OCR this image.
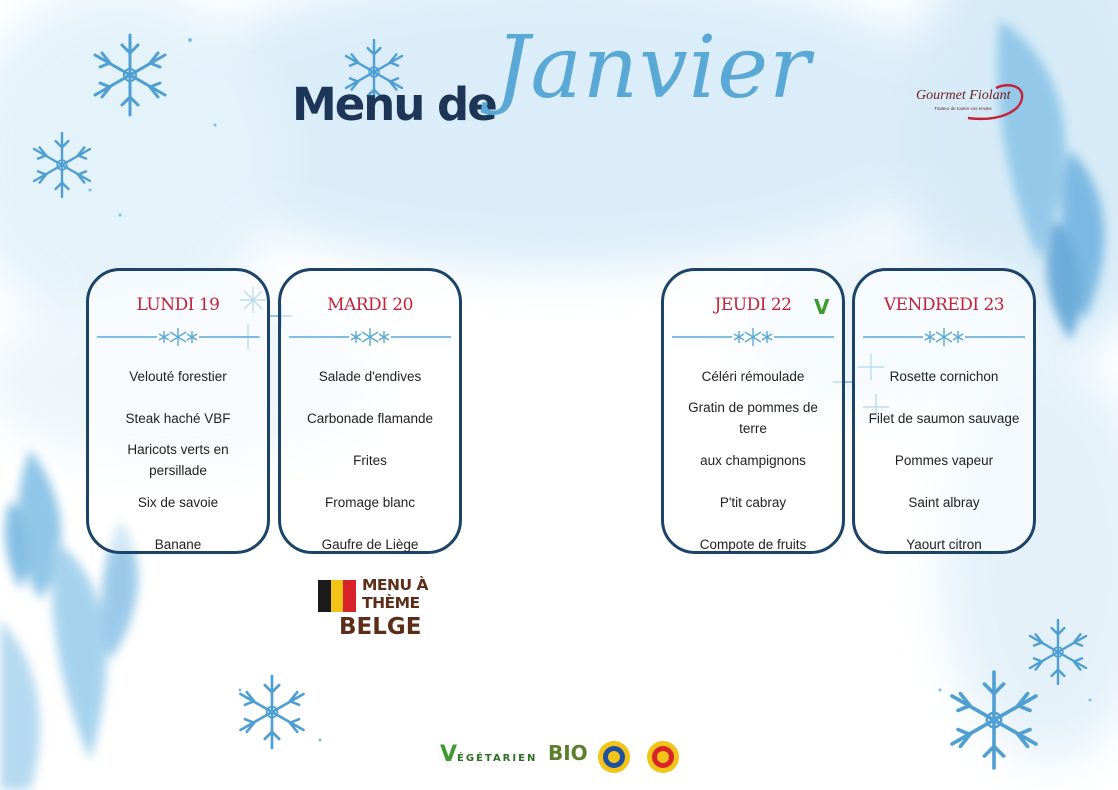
Menu de Janvier	Gourmet Fiolant
Traiteur de toutes vos envies
LUNDI 19
Velouté forestier
Steak haché VBF
Haricots verts en persillade
Six de savoie
Banane
MARDI 20
Salade d'endives
Carbonade flamande
Frites
Fromage blanc
Gaufre de Liège
JEUDI 22	V
Céléri rémoulade
Gratin de pommes de terre
aux champignons
P'tit cabray
Compote de fruits
VENDREDI 23
Rosette cornichon
Filet de saumon sauvage
Pommes vapeur
Saint albray
Yaourt citron
MENU À
THÈME
BELGE
VÉGÉTARIEN BIO
